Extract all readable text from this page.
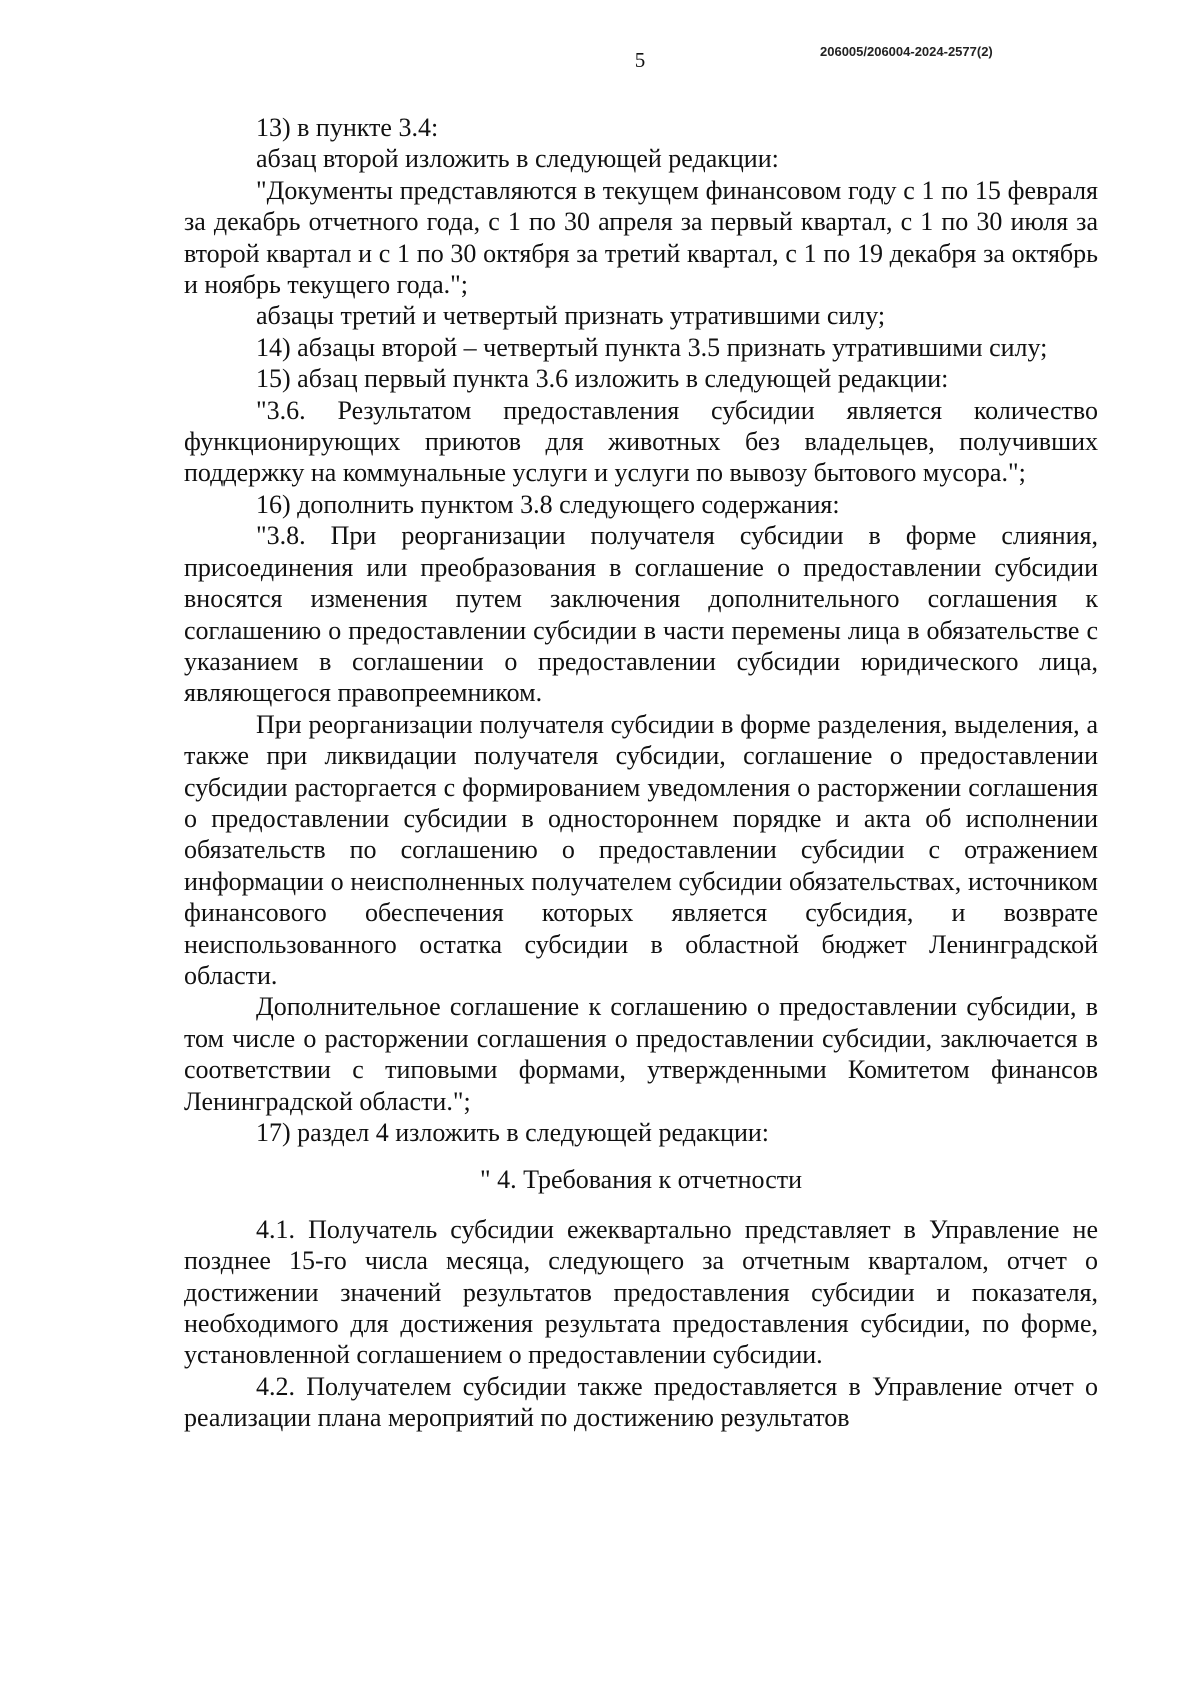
5	206005/206004-2024-2577(2)

13) в пункте 3.4:

абзац второй изложить в следующей редакции:

"Документы представляются в текущем финансовом году с 1 по 15 февраля за декабрь отчетного года, с 1 по 30 апреля за первый квартал, с 1 по 30 июля за второй квартал и с 1 по 30 октября за третий квартал, с 1 по 19 декабря за октябрь и ноябрь текущего года.";

абзацы третий и четвертый признать утратившими силу;

14) абзацы второй – четвертый пункта 3.5 признать утратившими силу;

15) абзац первый пункта 3.6 изложить в следующей редакции:

"3.6. Результатом предоставления субсидии является количество функционирующих приютов для животных без владельцев, получивших поддержку на коммунальные услуги и услуги по вывозу бытового мусора.";

16) дополнить пунктом 3.8 следующего содержания:

"3.8. При реорганизации получателя субсидии в форме слияния, присоединения или преобразования в соглашение о предоставлении субсидии вносятся изменения путем заключения дополнительного соглашения к соглашению о предоставлении субсидии в части перемены лица в обязательстве с указанием в соглашении о предоставлении субсидии юридического лица, являющегося правопреемником.

При реорганизации получателя субсидии в форме разделения, выделения, а также при ликвидации получателя субсидии, соглашение о предоставлении субсидии расторгается с формированием уведомления о расторжении соглашения о предоставлении субсидии в одностороннем порядке и акта об исполнении обязательств по соглашению о предоставлении субсидии с отражением информации о неисполненных получателем субсидии обязательствах, источником финансового обеспечения которых является субсидия, и возврате неиспользованного остатка субсидии в областной бюджет Ленинградской области.

Дополнительное соглашение к соглашению о предоставлении субсидии, в том числе о расторжении соглашения о предоставлении субсидии, заключается в соответствии с типовыми формами, утвержденными Комитетом финансов Ленинградской области.";

17) раздел 4 изложить в следующей редакции:

" 4. Требования к отчетности

4.1. Получатель субсидии ежеквартально представляет в Управление не позднее 15-го числа месяца, следующего за отчетным кварталом, отчет о достижении значений результатов предоставления субсидии и показателя, необходимого для достижения результата предоставления субсидии, по форме, установленной соглашением о предоставлении субсидии.

4.2. Получателем субсидии также предоставляется в Управление отчет о реализации плана мероприятий по достижению результатов
